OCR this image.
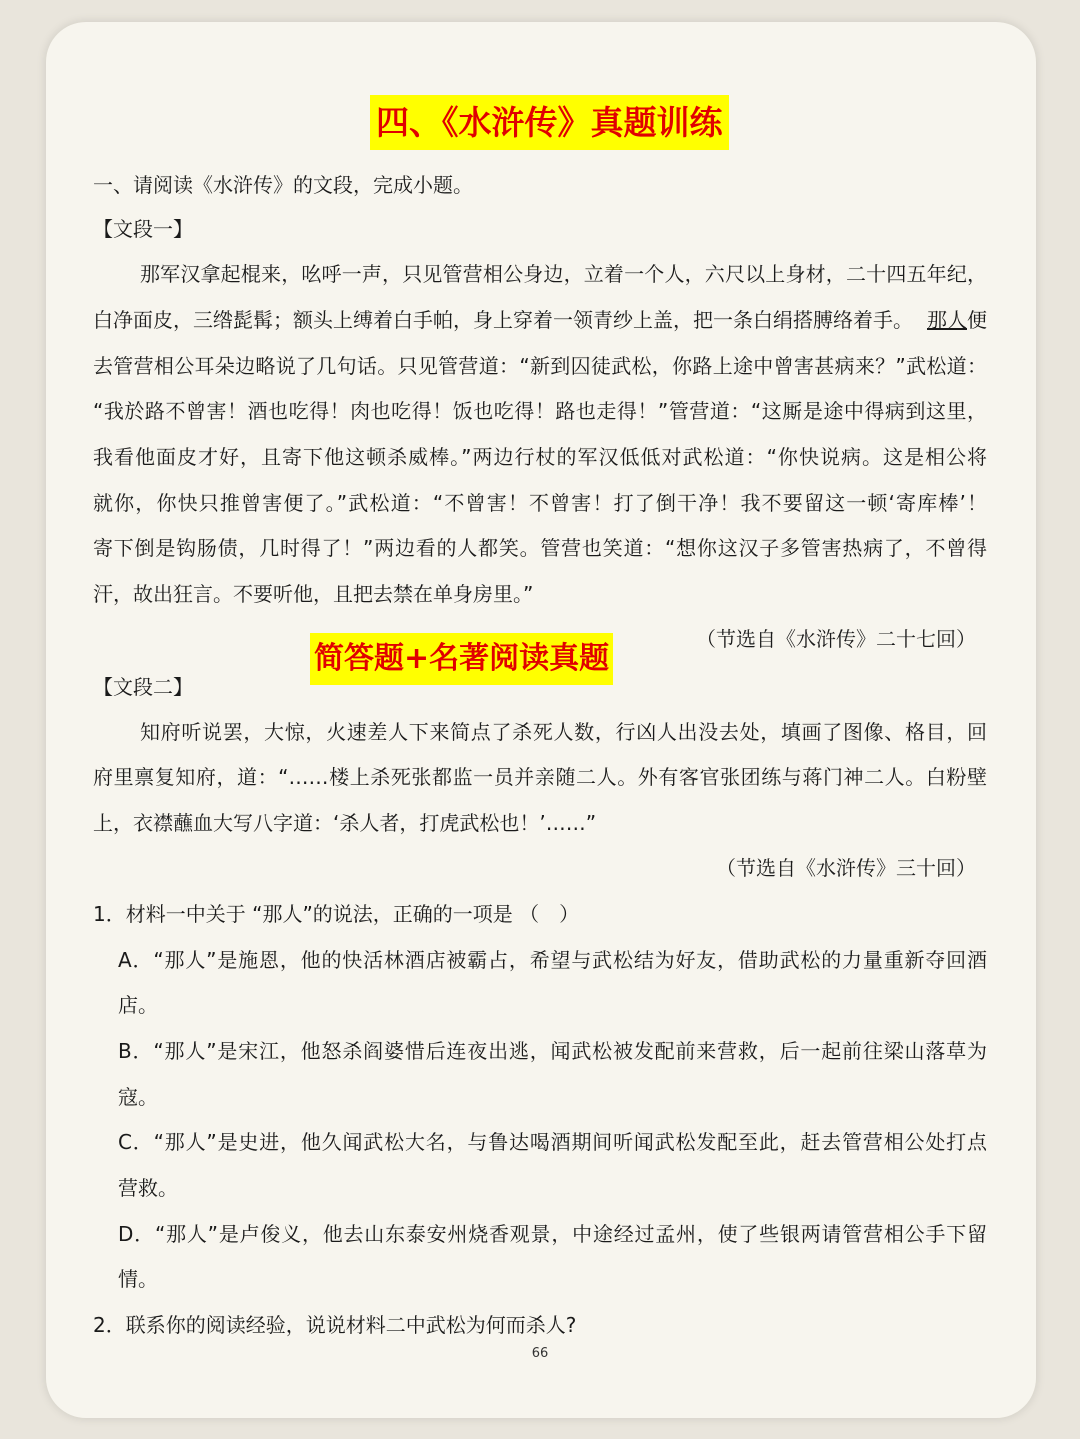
四、《水浒传》真题训练
一、请阅读《水浒传》的文段，完成小题。
【文段一】
那军汉拿起棍来，吆呼一声，只见管营相公身边，立着一个人，六尺以上身材，二十四五年纪，
白净面皮，三绺髭髯；额头上缚着白手帕，身上穿着一领青纱上盖，把一条白绢搭膊络着手。 那人便
去管营相公耳朵边略说了几句话。只见管营道：“新到囚徒武松，你路上途中曾害甚病来？”武松道：
“我於路不曾害！酒也吃得！肉也吃得！饭也吃得！路也走得！”管营道：“这厮是途中得病到这里，
我看他面皮才好，且寄下他这顿杀威棒。”两边行杖的军汉低低对武松道：“你快说病。这是相公将
就你，你快只推曾害便了。”武松道：“不曾害！不曾害！打了倒干净！我不要留这一顿‘寄库棒’！
寄下倒是钩肠债，几时得了！”两边看的人都笑。管营也笑道：“想你这汉子多管害热病了，不曾得
汗，故出狂言。不要听他，且把去禁在单身房里。”
（节选自《水浒传》二十七回）
简答题+名著阅读真题
【文段二】
知府听说罢，大惊，火速差人下来简点了杀死人数，行凶人出没去处，填画了图像、格目，回
府里禀复知府，道：“……楼上杀死张都监一员并亲随二人。外有客官张团练与蒋门神二人。白粉壁
上，衣襟蘸血大写八字道：‘杀人者，打虎武松也！’……”
（节选自《水浒传》三十回）
1．材料一中关于 “那人”的说法，正确的一项是 （　）
A．“那人”是施恩，他的快活林酒店被霸占，希望与武松结为好友，借助武松的力量重新夺回酒
店。
B．“那人”是宋江，他怒杀阎婆惜后连夜出逃，闻武松被发配前来营救，后一起前往梁山落草为
寇。
C．“那人”是史进，他久闻武松大名，与鲁达喝酒期间听闻武松发配至此，赶去管营相公处打点
营救。
D．“那人”是卢俊义，他去山东泰安州烧香观景，中途经过孟州，使了些银两请管营相公手下留
情。
2．联系你的阅读经验，说说材料二中武松为何而杀人?
66
